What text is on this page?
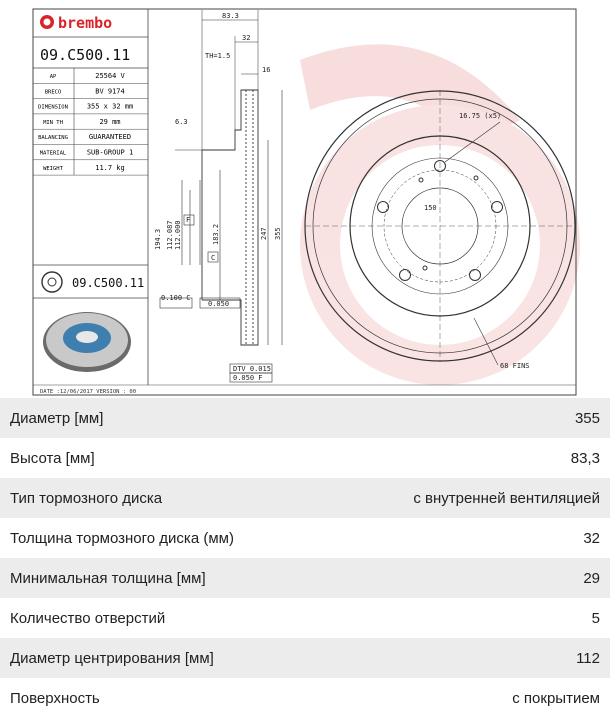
brembo
09.C500.11
AP	25564 V
BRECO	BV 9174
DIMENSION	355 x 32 mm
MIN TH	29 mm
BALANCING	GUARANTEED
MATERIAL	SUB-GROUP 1
WEIGHT	11.7 kg
09.C500.11
DATE :12/06/2017 VERSION : 00
83.3
32
TH=1.5
16
6.3
0.100 C
0.050
DTV 0.015
0.050 F
C
F
16.75 (x5)
150
68 FINS
194.3 112.087 112.000	183.2	247 355
Диаметр [мм]	355
Высота [мм]	83,3
Тип тормозного диска	с внутренней вентиляцией
Толщина тормозного диска (мм)	32
Минимальная толщина [мм]	29
Количество отверстий	5
Диаметр центрирования [мм]	112
Поверхность	с покрытием
